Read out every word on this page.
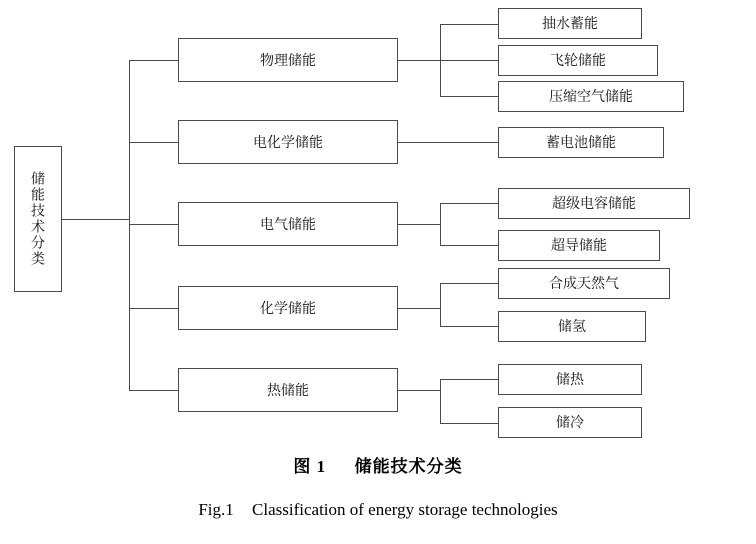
储能技术分类
物理储能
电化学储能
电气储能
化学储能
热储能
抽水蓄能
飞轮储能
压缩空气储能
蓄电池储能
超级电容储能
超导储能
合成天然气
储氢
储热
储冷
图 1 储能技术分类
Fig.1 Classification of energy storage technologies
